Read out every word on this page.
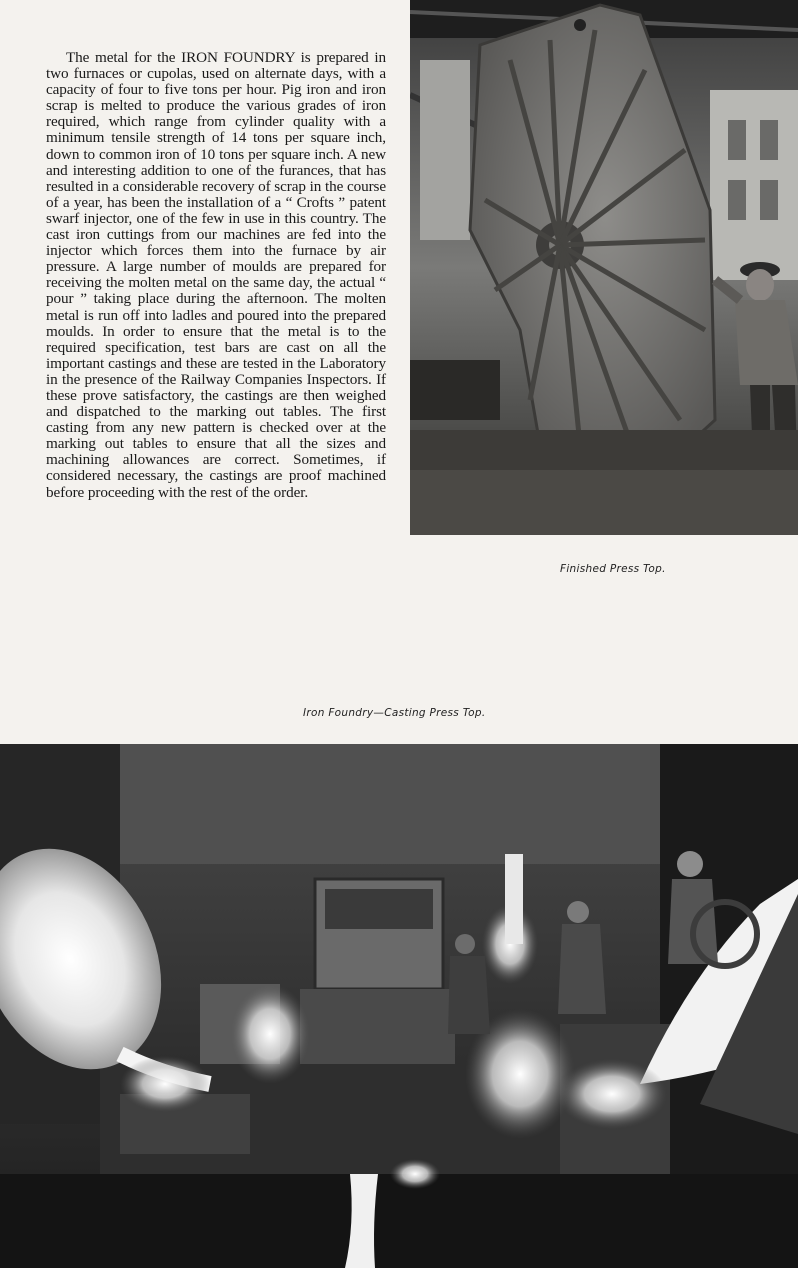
The metal for the IRON FOUNDRY is prepared in two furnaces or cupolas, used on alternate days, with a capacity of four to five tons per hour. Pig iron and iron scrap is melted to produce the various grades of iron required, which range from cylinder quality with a minimum tensile strength of 14 tons per square inch, down to common iron of 10 tons per square inch. A new and interesting addition to one of the furances, that has resulted in a considerable recovery of scrap in the course of a year, has been the installation of a “ Crofts ” patent swarf injector, one of the few in use in this country. The cast iron cuttings from our machines are fed into the injector which forces them into the furnace by air pressure. A large number of moulds are prepared for receiving the molten metal on the same day, the actual “ pour ” taking place during the afternoon. The molten metal is run off into ladles and poured into the prepared moulds. In order to ensure that the metal is to the required specification, test bars are cast on all the important castings and these are tested in the Laboratory in the presence of the Railway Companies Inspectors. If these prove satisfactory, the castings are then weighed and dispatched to the marking out tables. The first casting from any new pattern is checked over at the marking out tables to ensure that all the sizes and machining allowances are correct. Sometimes, if considered necessary, the castings are proof machined before proceeding with the rest of the order.

Finished Press Top.
Iron Foundry—Casting Press Top.
